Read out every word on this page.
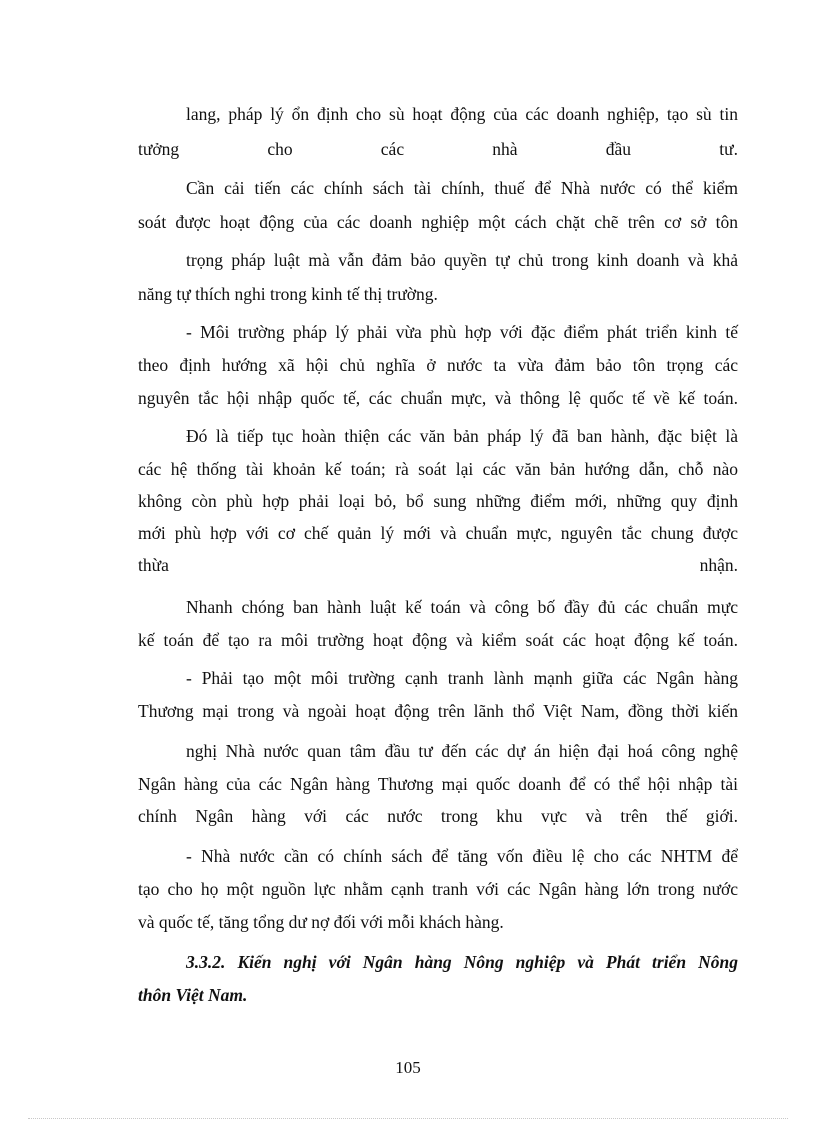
lang, pháp lý ổn định cho sù hoạt động của các doanh nghiệp, tạo sù tin
tưởng cho các nhà đầu tư.
Cần cải tiến các chính sách tài chính, thuế để Nhà nước có thể kiểm
soát được hoạt động của các doanh nghiệp một cách chặt chẽ trên cơ sở tôn
trọng pháp luật mà vẫn đảm bảo quyền tự chủ trong kinh doanh và khả
năng tự thích nghi trong kinh tế thị trường.
- Môi trường pháp lý phải vừa phù hợp với đặc điểm phát triển kinh tế
theo định hướng xã hội chủ nghĩa ở nước ta vừa đảm bảo tôn trọng các
nguyên tắc hội nhập quốc tế, các chuẩn mực, và thông lệ quốc tế về kế toán.
Đó là tiếp tục hoàn thiện các văn bản pháp lý đã ban hành, đặc biệt là
các hệ thống tài khoản kế toán; rà soát lại các văn bản hướng dẫn, chỗ nào
không còn phù hợp phải loại bỏ, bổ sung những điểm mới, những quy định
mới phù hợp với cơ chế quản lý mới và chuẩn mực, nguyên tắc chung được
thừa nhận.
Nhanh chóng ban hành luật kế toán và công bố đầy đủ các chuẩn mực
kế toán để tạo ra môi trường hoạt động và kiểm soát các hoạt động kế toán.
- Phải tạo một môi trường cạnh tranh lành mạnh giữa các Ngân hàng
Thương mại trong và ngoài hoạt động trên lãnh thổ Việt Nam, đồng thời kiến
nghị Nhà nước quan tâm đầu tư đến các dự án hiện đại hoá công nghệ
Ngân hàng của các Ngân hàng Thương mại quốc doanh để có thể hội nhập tài
chính Ngân hàng với các nước trong khu vực và trên thế giới.
- Nhà nước cần có chính sách để tăng vốn điều lệ cho các NHTM để
tạo cho họ một nguồn lực nhằm cạnh tranh với các Ngân hàng lớn trong nước
và quốc tế, tăng tổng dư nợ đối với mỗi khách hàng.
3.3.2. Kiến nghị với Ngân hàng Nông nghiệp và Phát triển Nông
thôn Việt Nam.
105
